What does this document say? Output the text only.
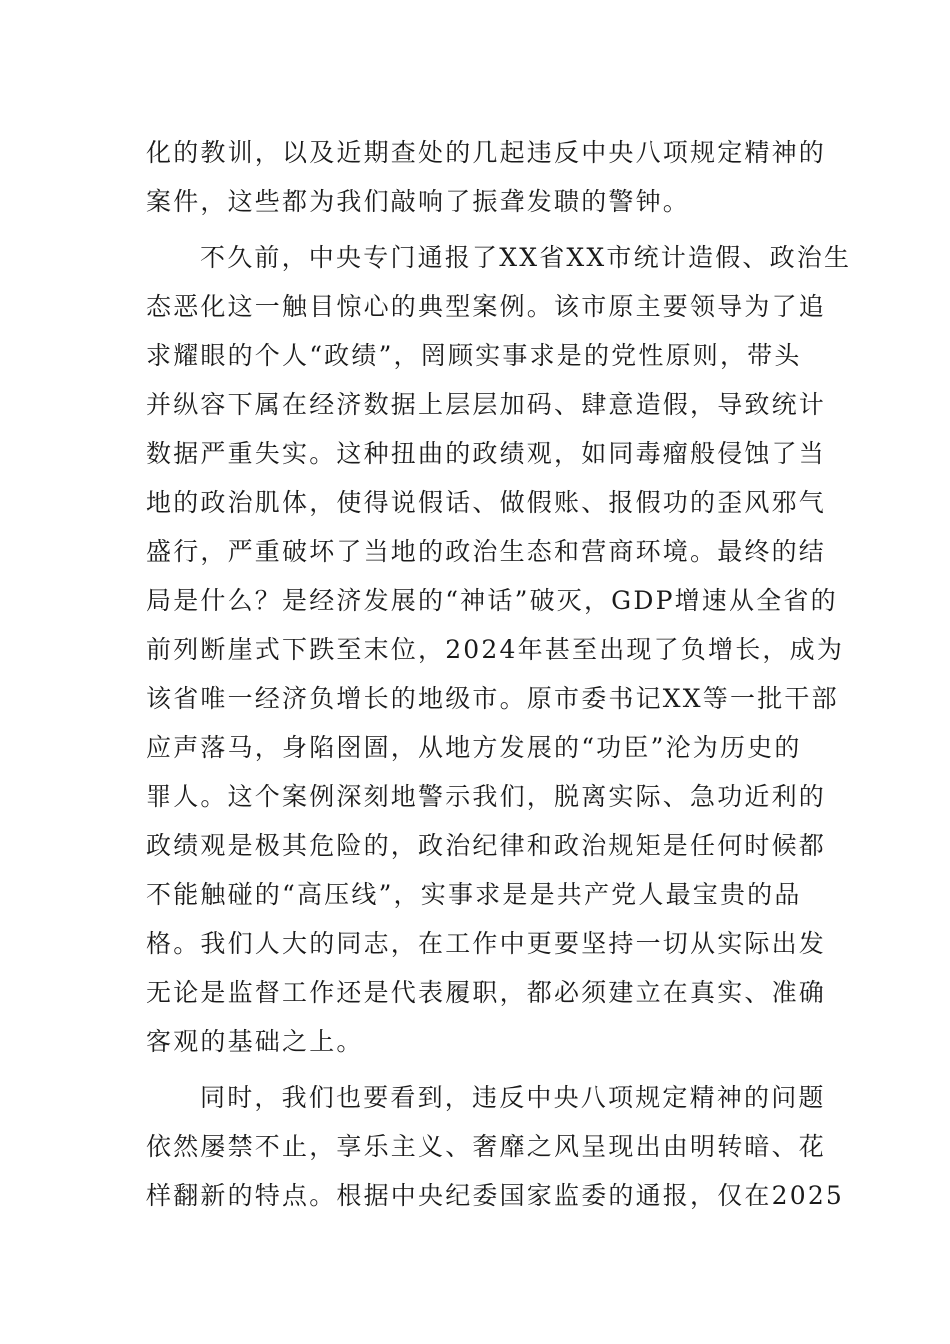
化的教训，以及近期查处的几起违反中央八项规定精神的
案件，这些都为我们敲响了振聋发聩的警钟。
不久前，中央专门通报了XX省XX市统计造假、政治生
态恶化这一触目惊心的典型案例。该市原主要领导为了追
求耀眼的个人“政绩”，罔顾实事求是的党性原则，带头
并纵容下属在经济数据上层层加码、肆意造假，导致统计
数据严重失实。这种扭曲的政绩观，如同毒瘤般侵蚀了当
地的政治肌体，使得说假话、做假账、报假功的歪风邪气
盛行，严重破坏了当地的政治生态和营商环境。最终的结
局是什么？是经济发展的“神话”破灭，GDP增速从全省的
前列断崖式下跌至末位，2024年甚至出现了负增长，成为
该省唯一经济负增长的地级市。原市委书记XX等一批干部
应声落马，身陷囹圄，从地方发展的“功臣”沦为历史的
罪人。这个案例深刻地警示我们，脱离实际、急功近利的
政绩观是极其危险的，政治纪律和政治规矩是任何时候都
不能触碰的“高压线”，实事求是是共产党人最宝贵的品
格。我们人大的同志，在工作中更要坚持一切从实际出发
无论是监督工作还是代表履职，都必须建立在真实、准确
客观的基础之上。
同时，我们也要看到，违反中央八项规定精神的问题
依然屡禁不止，享乐主义、奢靡之风呈现出由明转暗、花
样翻新的特点。根据中央纪委国家监委的通报，仅在2025
